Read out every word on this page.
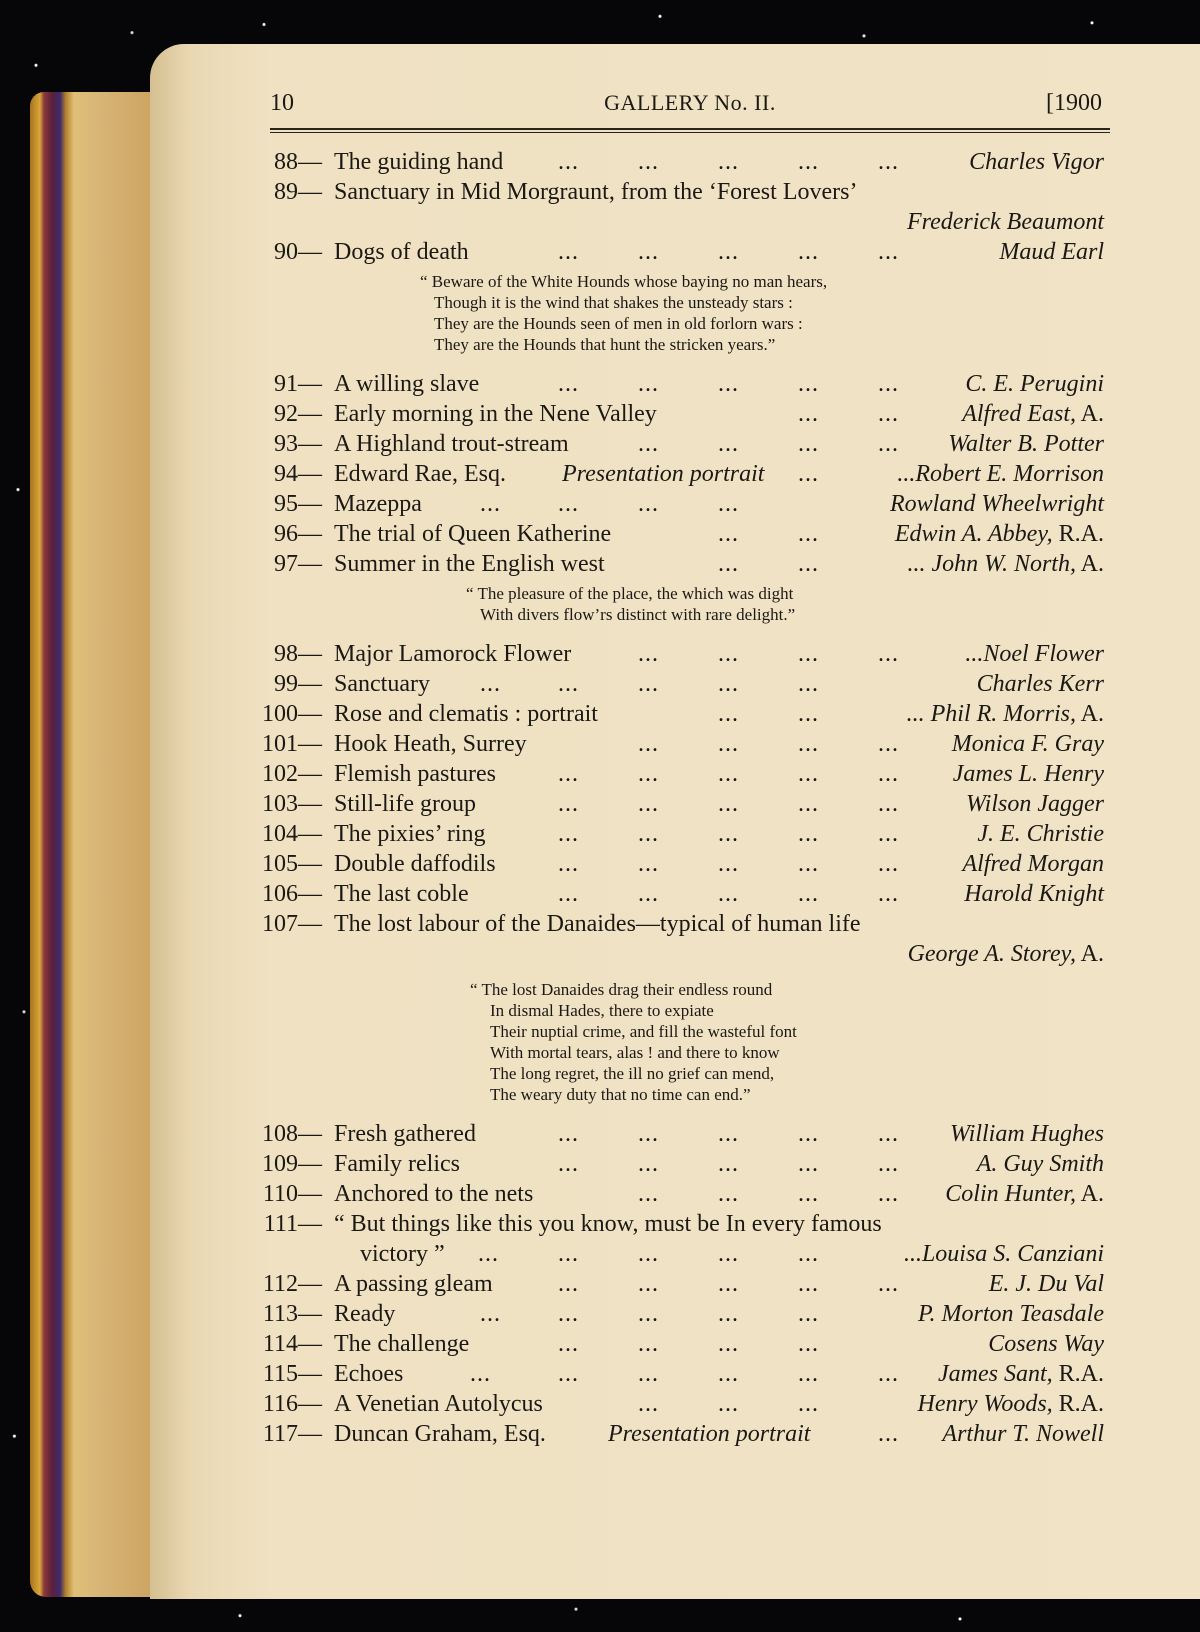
10	GALLERY No. II.	[1900
88— The guiding hand ... ... ... ... ...	Charles Vigor
89— Sanctuary in Mid Morgraunt, from the ‘Forest Lovers’
Frederick Beaumont
90— Dogs of death	... ... ... ... ...	Maud Earl
“ Beware of the White Hounds whose baying no man hears,
Though it is the wind that shakes the unsteady stars :
They are the Hounds seen of men in old forlorn wars :
They are the Hounds that hunt the stricken years.”
91— A willing slave	... ... ... ... ...	C. E. Perugini
92— Early morning in the Nene Valley	... ...	Alfred East, A.
93— A Highland trout-stream	... ... ... ... Walter B. Potter
94— Edward Rae, Esq. Presentation portrait ...	...Robert E. Morrison
95— Mazeppa ... ... ... ...	Rowland Wheelwright
96— The trial of Queen Katherine	... ...	Edwin A. Abbey, R.A.
97— Summer in the English west	... ...	... John W. North, A.
“ The pleasure of the place, the which was dight
With divers flow’rs distinct with rare delight.”
98— Major Lamorock Flower	... ... ... ...	...Noel Flower
99— Sanctuary ... ... ... ... ...	Charles Kerr
100— Rose and clematis : portrait	... ...	... Phil R. Morris, A.
101— Hook Heath, Surrey	... ... ... ... Monica F. Gray
102— Flemish pastures	... ... ... ... ... James L. Henry
103— Still-life group	... ... ... ... ...	Wilson Jagger
104— The pixies’ ring	... ... ... ... ...	J. E. Christie
105— Double daffodils	... ... ... ... ...	Alfred Morgan
106— The last coble	... ... ... ... ...	Harold Knight
107— The lost labour of the Danaides—typical of human life
George A. Storey, A.
“ The lost Danaides drag their endless round
In dismal Hades, there to expiate
Their nuptial crime, and fill the wasteful font
With mortal tears, alas ! and there to know
The long regret, the ill no grief can mend,
The weary duty that no time can end.”
108— Fresh gathered	... ... ... ... ... William Hughes
109— Family relics	... ... ... ... ...	A. Guy Smith
110— Anchored to the nets	... ... ... ... Colin Hunter, A.
111— “ But things like this you know, must be In every famous
victory ” ... ... ... ... ...	...Louisa S. Canziani
112— A passing gleam	... ... ... ... ...	E. J. Du Val
113— Ready	... ... ... ... ...	P. Morton Teasdale
114— The challenge	... ... ... ...	Cosens Way
115— Echoes	...	... ... ... ... ... James Sant, R.A.
116— A Venetian Autolycus	... ... ...	Henry Woods, R.A.
117— Duncan Graham, Esq.	Presentation portrait	... Arthur T. Nowell
